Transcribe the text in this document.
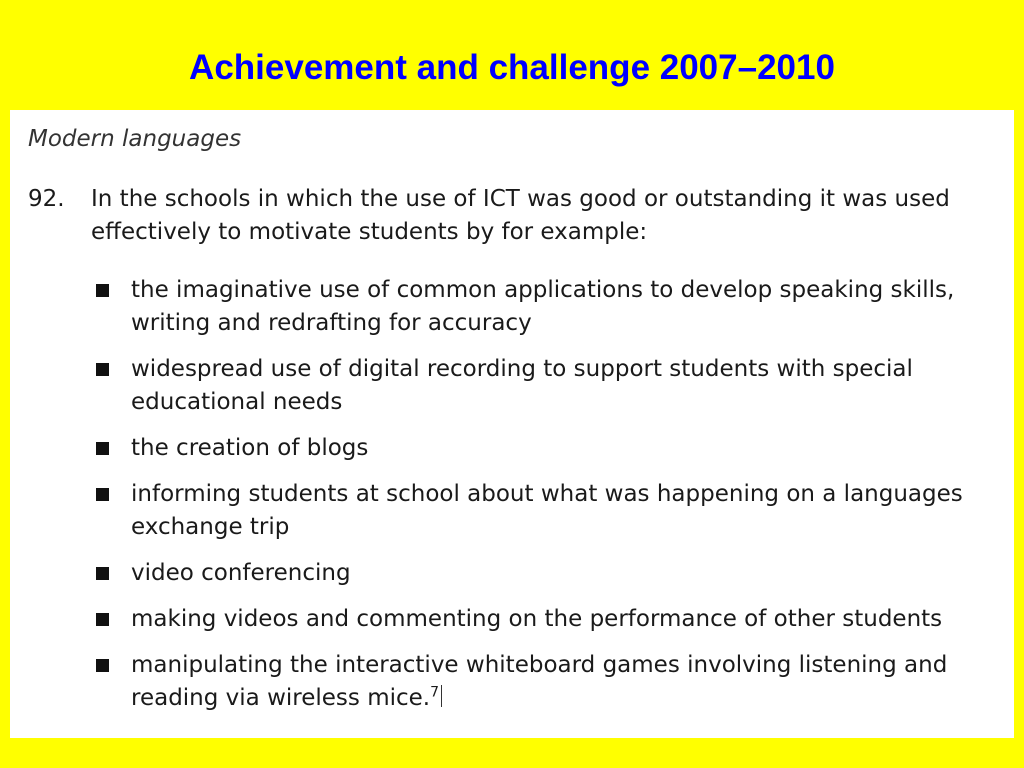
Achievement and challenge 2007–2010
Modern languages
92. In the schools in which the use of ICT was good or outstanding it was used effectively to motivate students by for example:
the imaginative use of common applications to develop speaking skills, writing and redrafting for accuracy
widespread use of digital recording to support students with special educational needs
the creation of blogs
informing students at school about what was happening on a languages exchange trip
video conferencing
making videos and commenting on the performance of other students
manipulating the interactive whiteboard games involving listening and reading via wireless mice.$^7$
